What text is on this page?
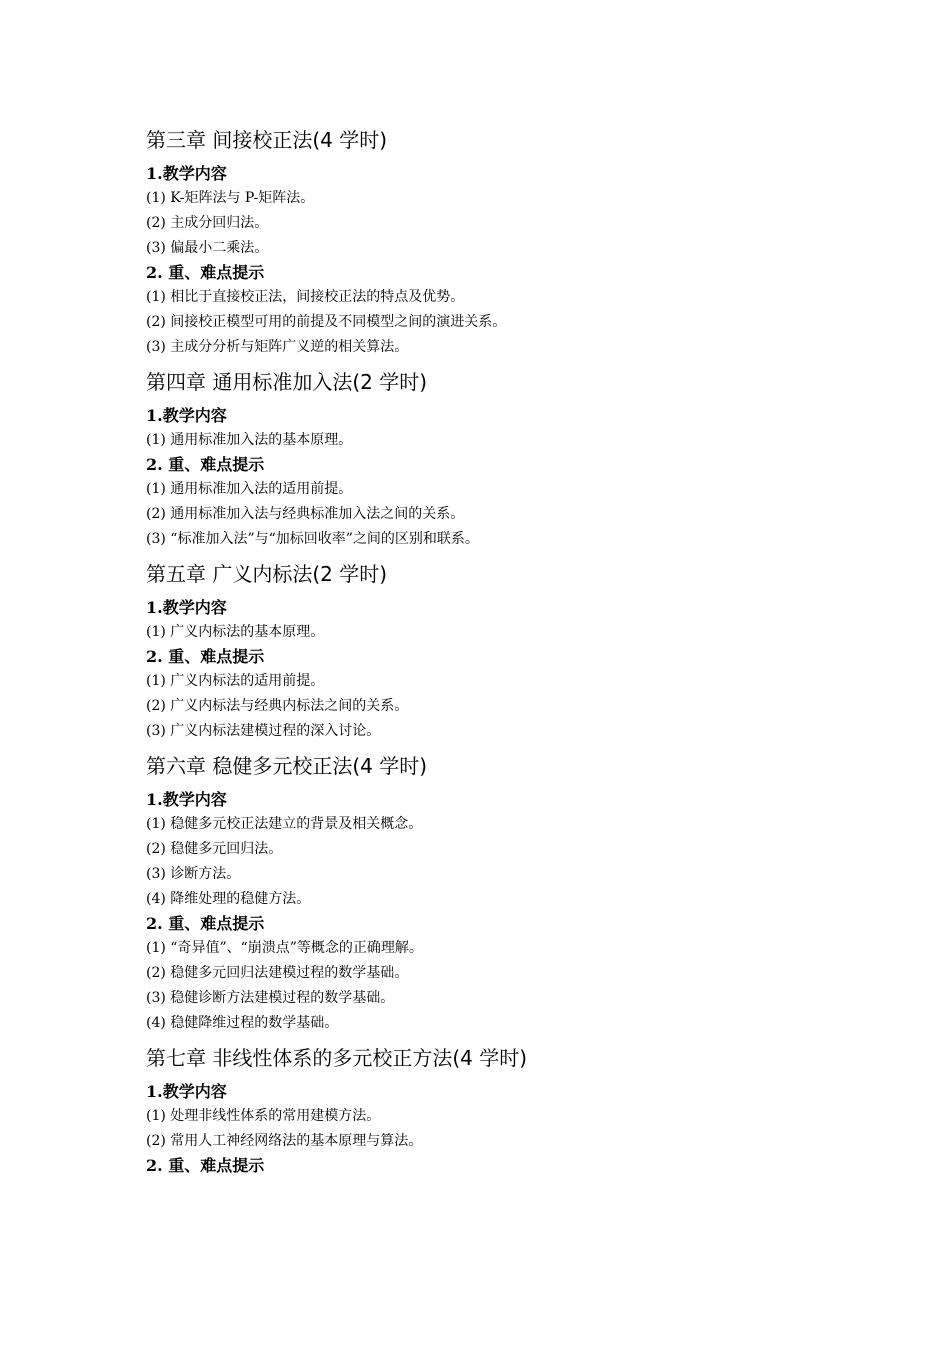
第三章 间接校正法(4 学时)
1.教学内容
(1) K-矩阵法与 P-矩阵法。
(2) 主成分回归法。
(3) 偏最小二乘法。
2. 重、难点提示
(1) 相比于直接校正法，间接校正法的特点及优势。
(2) 间接校正模型可用的前提及不同模型之间的演进关系。
(3) 主成分分析与矩阵广义逆的相关算法。
第四章 通用标准加入法(2 学时)
1.教学内容
(1) 通用标准加入法的基本原理。
2. 重、难点提示
(1) 通用标准加入法的适用前提。
(2) 通用标准加入法与经典标准加入法之间的关系。
(3) “标准加入法”与“加标回收率”之间的区别和联系。
第五章 广义内标法(2 学时)
1.教学内容
(1) 广义内标法的基本原理。
2. 重、难点提示
(1) 广义内标法的适用前提。
(2) 广义内标法与经典内标法之间的关系。
(3) 广义内标法建模过程的深入讨论。
第六章 稳健多元校正法(4 学时)
1.教学内容
(1) 稳健多元校正法建立的背景及相关概念。
(2) 稳健多元回归法。
(3) 诊断方法。
(4) 降维处理的稳健方法。
2. 重、难点提示
(1) “奇异值”、“崩溃点”等概念的正确理解。
(2) 稳健多元回归法建模过程的数学基础。
(3) 稳健诊断方法建模过程的数学基础。
(4) 稳健降维过程的数学基础。
第七章 非线性体系的多元校正方法(4 学时)
1.教学内容
(1) 处理非线性体系的常用建模方法。
(2) 常用人工神经网络法的基本原理与算法。
2. 重、难点提示
